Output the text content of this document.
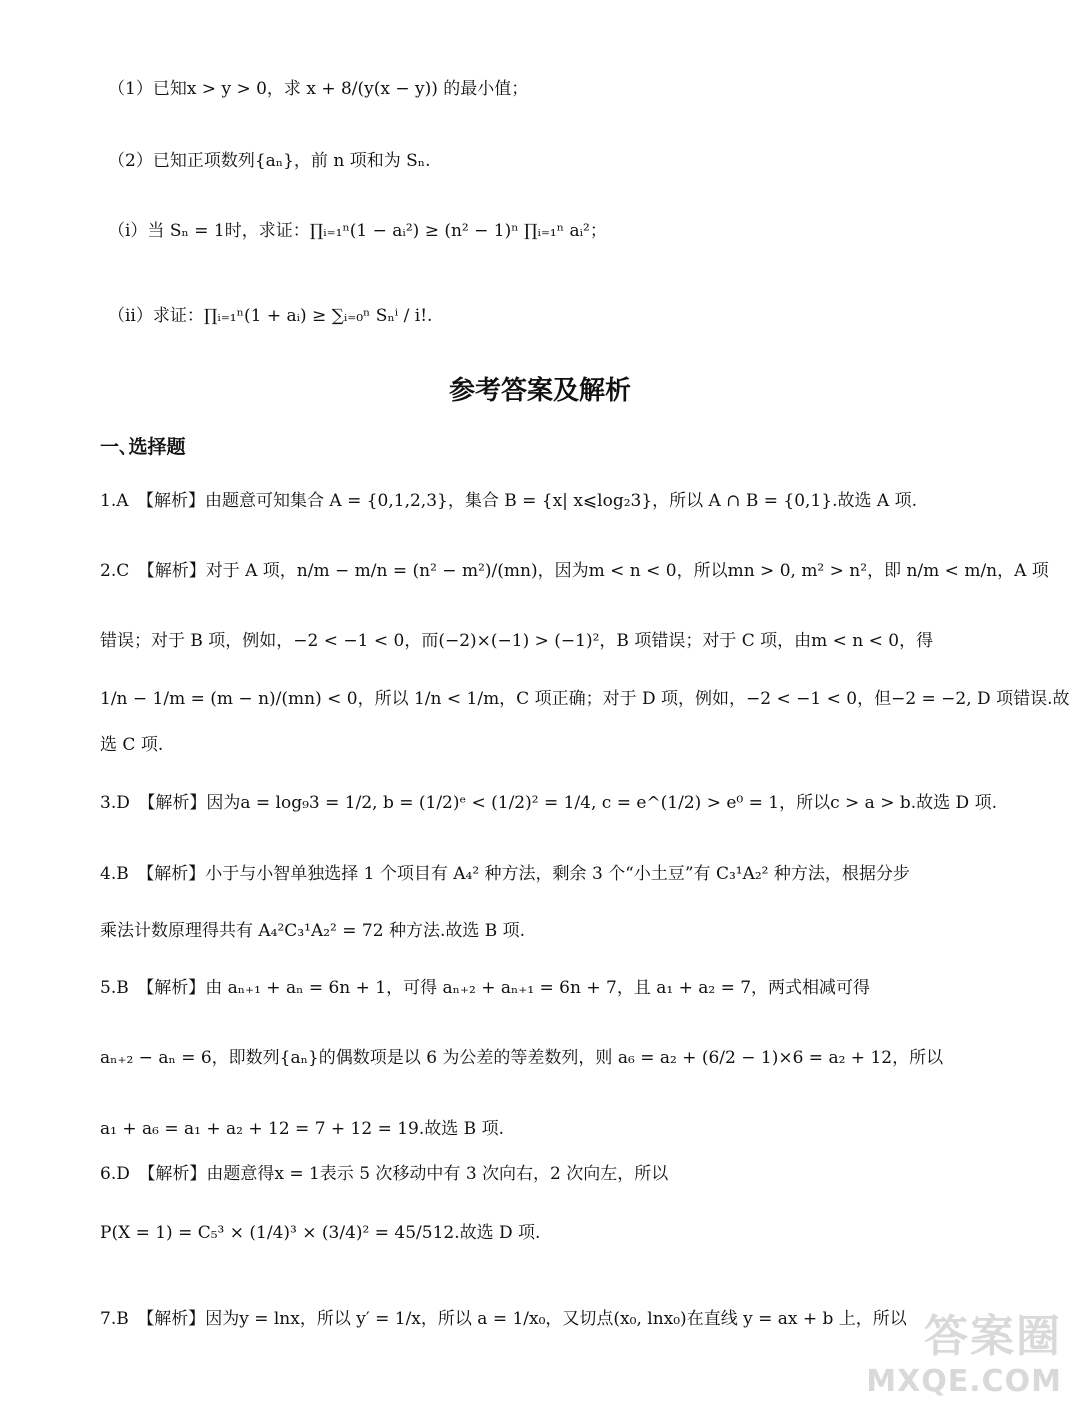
（1）已知x > y > 0，求 x + 8/(y(x − y)) 的最小值；
（2）已知正项数列{aₙ}，前 n 项和为 Sₙ.
（i）当 Sₙ = 1时，求证：∏ᵢ₌₁ⁿ(1 − aᵢ²) ≥ (n² − 1)ⁿ ∏ᵢ₌₁ⁿ aᵢ²；
（ii）求证：∏ᵢ₌₁ⁿ(1 + aᵢ) ≥ ∑ᵢ₌₀ⁿ Sₙⁱ / i!.
参考答案及解析
一､选择题
1.A　【解析】由题意可知集合 A = {0,1,2,3}，集合 B = {x| x⩽log₂3}，所以 A ∩ B = {0,1}.故选 A 项.
2.C　【解析】对于 A 项，n/m − m/n = (n² − m²)/(mn)，因为m < n < 0，所以mn > 0, m² > n²，即 n/m < m/n，A 项
错误；对于 B 项，例如，−2 < −1 < 0，而(−2)×(−1) > (−1)²，B 项错误；对于 C 项，由m < n < 0，得
1/n − 1/m = (m − n)/(mn) < 0，所以 1/n < 1/m，C 项正确；对于 D 项，例如，−2 < −1 < 0，但−2 = −2, D 项错误.故
选 C 项.
3.D　【解析】因为a = log₉3 = 1/2, b = (1/2)ᵉ < (1/2)² = 1/4, c = e^(1/2) > e⁰ = 1，所以c > a > b.故选 D 项.
4.B　【解析】小于与小智单独选择 1 个项目有 A₄² 种方法，剩余 3 个“小土豆”有 C₃¹A₂² 种方法，根据分步
乘法计数原理得共有 A₄²C₃¹A₂² = 72 种方法.故选 B 项.
5.B　【解析】由 aₙ₊₁ + aₙ = 6n + 1，可得 aₙ₊₂ + aₙ₊₁ = 6n + 7，且 a₁ + a₂ = 7，两式相减可得
aₙ₊₂ − aₙ = 6，即数列{aₙ}的偶数项是以 6 为公差的等差数列，则 a₆ = a₂ + (6/2 − 1)×6 = a₂ + 12，所以
a₁ + a₆ = a₁ + a₂ + 12 = 7 + 12 = 19.故选 B 项.
6.D　【解析】由题意得x = 1表示 5 次移动中有 3 次向右，2 次向左，所以
P(X = 1) = C₅³ × (1/4)³ × (3/4)² = 45/512.故选 D 项.
7.B　【解析】因为y = lnx，所以 y′ = 1/x，所以 a = 1/x₀，又切点(x₀, lnx₀)在直线 y = ax + b 上，所以 答案圈
MXQE.COM
